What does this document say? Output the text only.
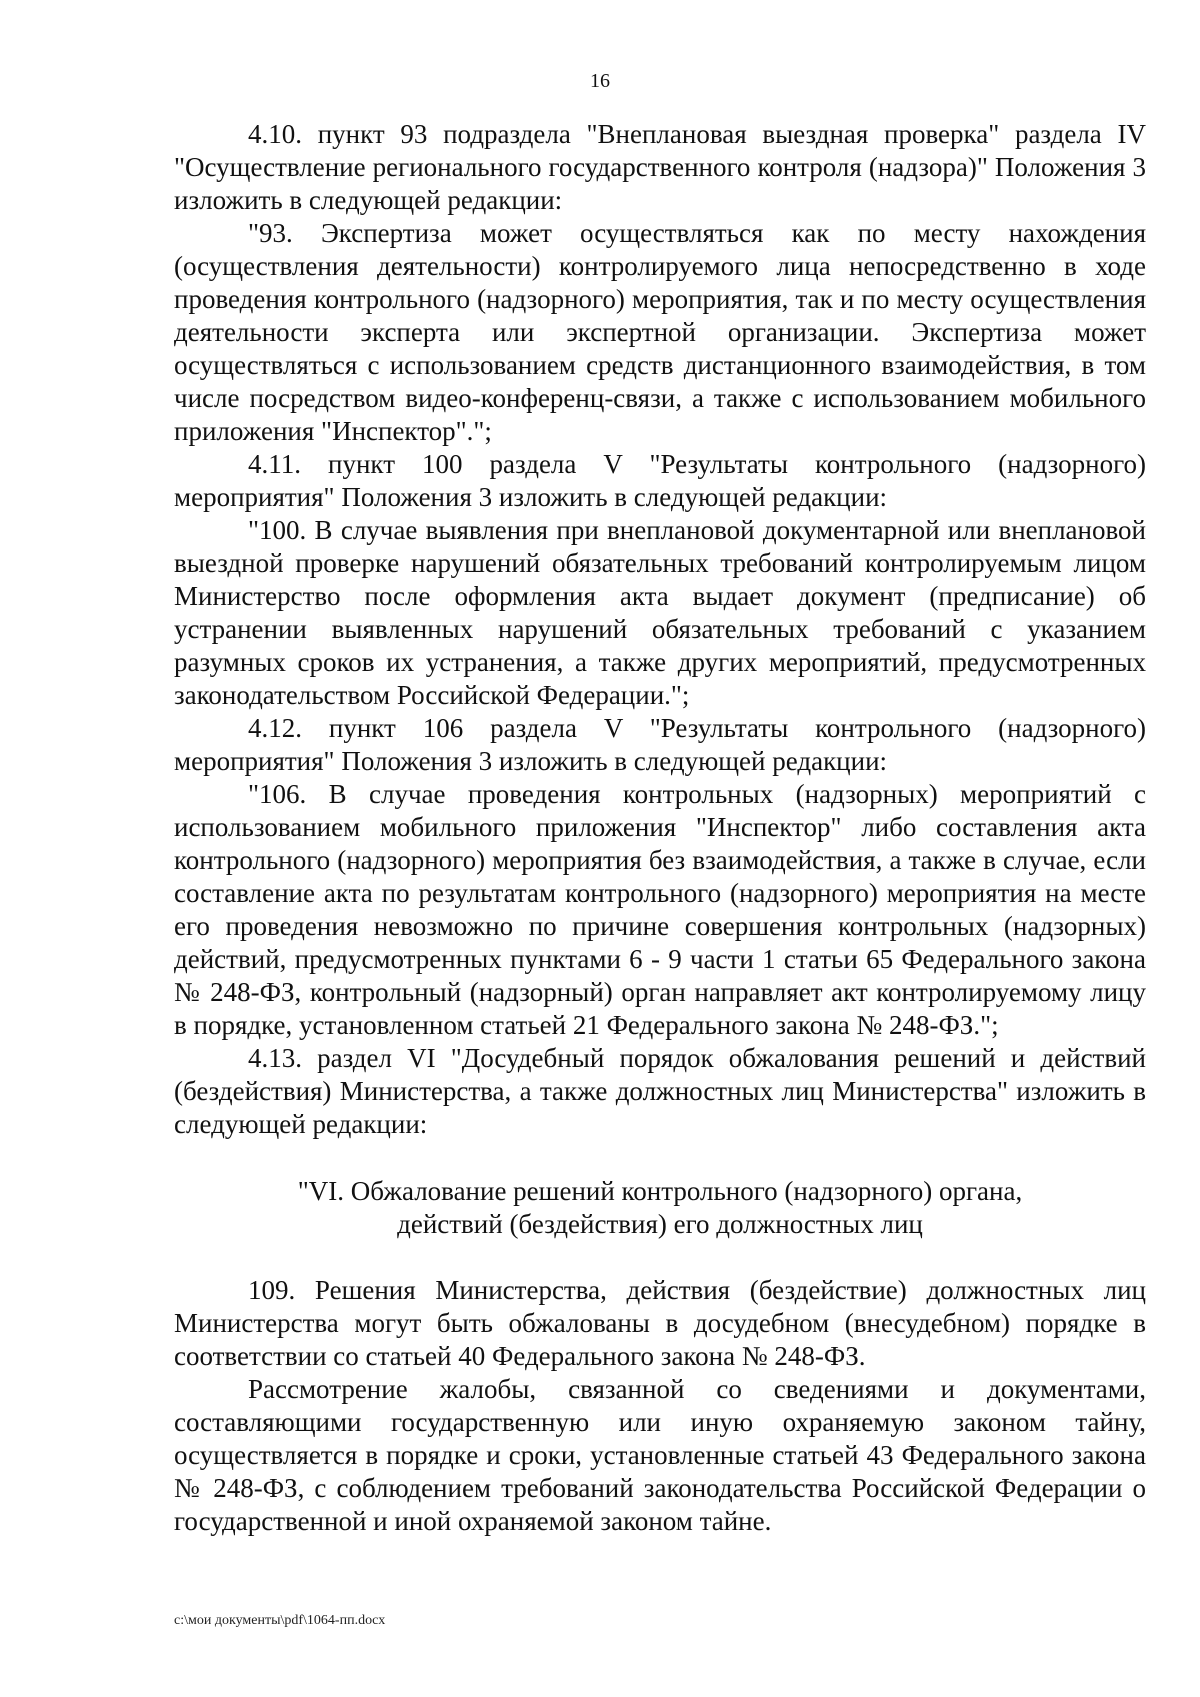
16

4.10. пункт 93 подраздела "Внеплановая выездная проверка" раздела IV "Осуществление регионального государственного контроля (надзора)" Положения 3 изложить в следующей редакции:

"93. Экспертиза может осуществляться как по месту нахождения (осуществления деятельности) контролируемого лица непосредственно в ходе проведения контрольного (надзорного) мероприятия, так и по месту осуществления деятельности эксперта или экспертной организации. Экспертиза может осуществляться с использованием средств дистанционного взаимодействия, в том числе посредством видео-конференц-связи, а также с использованием мобильного приложения "Инспектор".";

4.11. пункт 100 раздела V "Результаты контрольного (надзорного) мероприятия" Положения 3 изложить в следующей редакции:

"100. В случае выявления при внеплановой документарной или внеплановой выездной проверке нарушений обязательных требований контролируемым лицом Министерство после оформления акта выдает документ (предписание) об устранении выявленных нарушений обязательных требований с указанием разумных сроков их устранения, а также других мероприятий, предусмотренных законодательством Российской Федерации.";

4.12. пункт 106 раздела V "Результаты контрольного (надзорного) мероприятия" Положения 3 изложить в следующей редакции:

"106. В случае проведения контрольных (надзорных) мероприятий с использованием мобильного приложения "Инспектор" либо составления акта контрольного (надзорного) мероприятия без взаимодействия, а также в случае, если составление акта по результатам контрольного (надзорного) мероприятия на месте его проведения невозможно по причине совершения контрольных (надзорных) действий, предусмотренных пунктами 6 - 9 части 1 статьи 65 Федерального закона № 248-ФЗ, контрольный (надзорный) орган направляет акт контролируемому лицу в порядке, установленном статьей 21 Федерального закона № 248-ФЗ.";

4.13. раздел VI "Досудебный порядок обжалования решений и действий (бездействия) Министерства, а также должностных лиц Министерства" изложить в следующей редакции:

"VI. Обжалование решений контрольного (надзорного) органа,
действий (бездействия) его должностных лиц

109. Решения Министерства, действия (бездействие) должностных лиц Министерства могут быть обжалованы в досудебном (внесудебном) порядке в соответствии со статьей 40 Федерального закона № 248-ФЗ.

Рассмотрение жалобы, связанной со сведениями и документами, составляющими государственную или иную охраняемую законом тайну, осуществляется в порядке и сроки, установленные статьей 43 Федерального закона № 248-ФЗ, с соблюдением требований законодательства Российской Федерации о государственной и иной охраняемой законом тайне.

c:\мои документы\pdf\1064-пп.docx
